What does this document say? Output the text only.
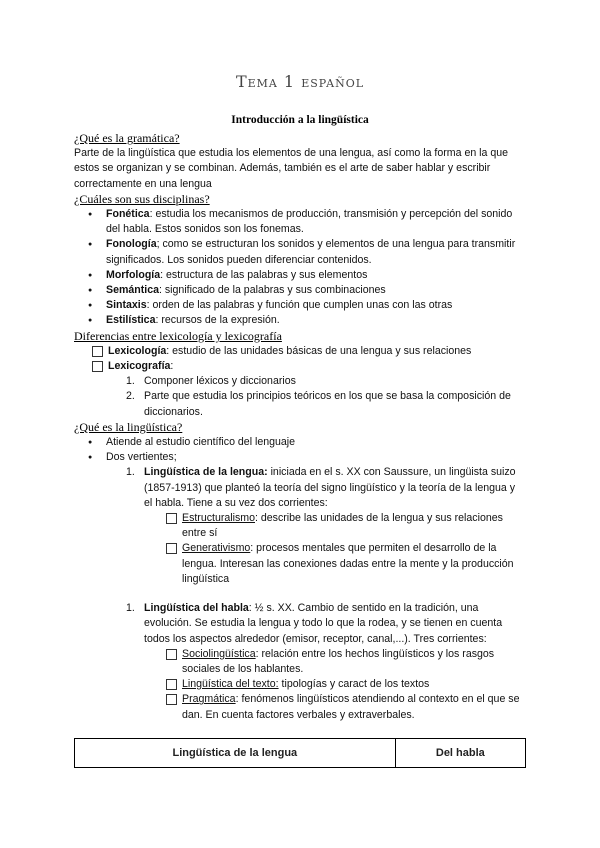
Tema 1 español
Introducción a la lingüística

¿Qué es la gramática?

Parte de la lingüística que estudia los elementos de una lengua, así como la forma en la que estos se organizan y se combinan. Además, también es el arte de saber hablar y escribir correctamente en una lengua

¿Cuáles son sus disciplinas?

● Fonética: estudia los mecanismos de producción, transmisión y percepción del sonido del habla. Estos sonidos son los fonemas.
● Fonología; como se estructuran los sonidos y elementos de una lengua para transmitir significados. Los sonidos pueden diferenciar contenidos.
● Morfología: estructura de las palabras y sus elementos
● Semántica: significado de la palabras y sus combinaciones
● Sintaxis: orden de las palabras y función que cumplen unas con las otras
● Estilística: recursos de la expresión.

Diferencias entre lexicología y lexicografía

Lexicología: estudio de las unidades básicas de una lengua y sus relaciones
Lexicografía:
1. Componer léxicos y diccionarios
2. Parte que estudia los principios teóricos en los que se basa la composición de diccionarios.

¿Qué es la lingüística?

● Atiende al estudio científico del lenguaje
● Dos vertientes;
1. Lingüística de la lengua: iniciada en el s. XX con Saussure, un lingüista suizo (1857-1913) que planteó la teoría del signo lingüístico y la teoría de la lengua y el habla. Tiene a su vez dos corrientes:
Estructuralismo: describe las unidades de la lengua y sus relaciones entre sí
Generativismo: procesos mentales que permiten el desarrollo de la lengua. Interesan las conexiones dadas entre la mente y la producción lingüística
1. Lingüística del habla: ½ s. XX. Cambio de sentido en la tradición, una evolución. Se estudia la lengua y todo lo que la rodea, y se tienen en cuenta todos los aspectos alrededor (emisor, receptor, canal,...). Tres corrientes:
Sociolingüística: relación entre los hechos lingüísticos y los rasgos sociales de los hablantes.
Lingüística del texto: tipologías y caract de los textos
Pragmática: fenómenos lingüísticos atendiendo al contexto en el que se dan. En cuenta factores verbales y extraverbales.
Lingüística de la lengua	Del habla
